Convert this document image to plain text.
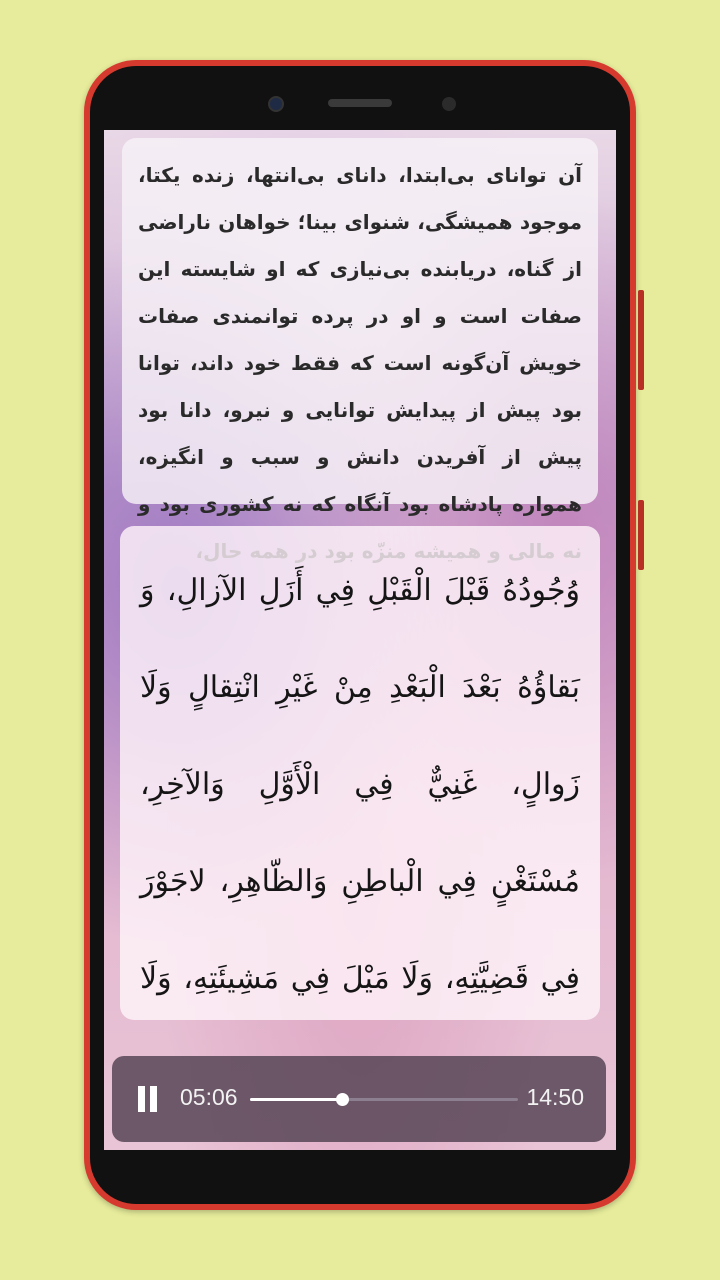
آن توانای بی‌ابتدا، دانای بی‌انتها، زنده یکتا، موجود همیشگی، شنوای بینا؛ خواهان ناراضی از گناه، دریابنده بی‌نیازی که او شایسته این صفات است و او در پرده توانمندی صفات خویش آن‌گونه است که فقط خود داند، توانا بود پیش از پیدایش توانایی و نیرو، دانا بود پیش از آفریدن دانش و سبب و انگیزه، همواره پادشاه بود آنگاه که نه کشوری بود و
وُجُودُهُ قَبْلَ الْقَبْلِ فِي أَزَلِ الآزالِ، وَ بَقاؤُهُ بَعْدَ الْبَعْدِ مِنْ غَيْرِ انْتِقالٍ وَلَا زَوالٍ، غَنِيٌّ فِي الْأَوَّلِ وَالآخِرِ، مُسْتَغْنٍ فِي الْباطِنِ وَالظّاهِرِ، لاجَوْرَ فِي قَضِيَّتِهِ، وَلَا مَيْلَ فِي مَشِيئَتِهِ، وَلَا
05:06	14:50
